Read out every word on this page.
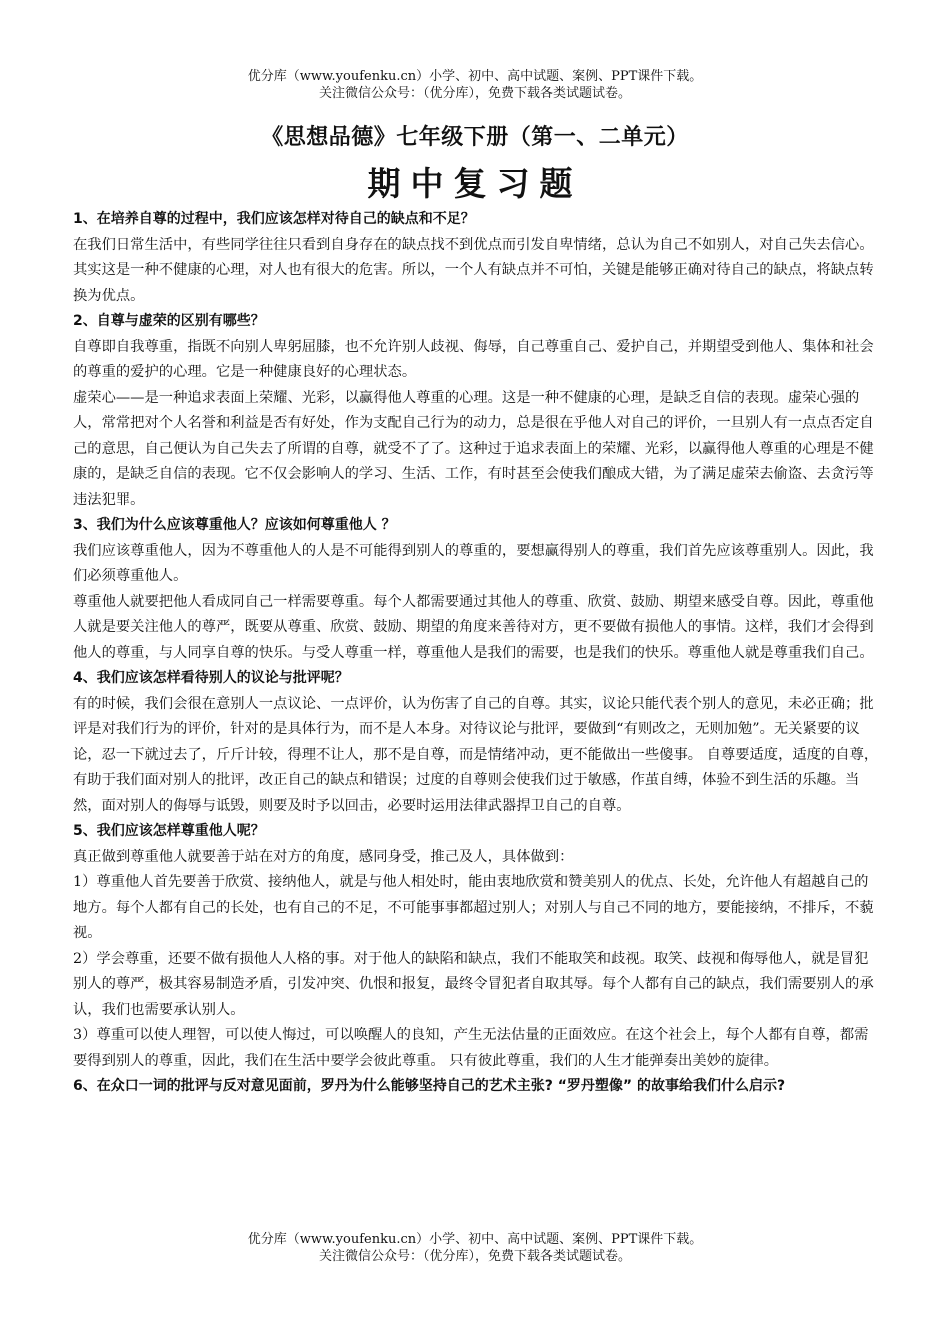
优分库（www.youfenku.cn）小学、初中、高中试题、案例、PPT课件下载。
关注微信公众号：（优分库），免费下载各类试题试卷。
《思想品德》七年级下册（第一、二单元）
期中复习题

1、在培养自尊的过程中，我们应该怎样对待自己的缺点和不足？

在我们日常生活中，有些同学往往只看到自身存在的缺点找不到优点而引发自卑情绪，总认为自己不如别人，对自己失去信心。其实这是一种不健康的心理，对人也有很大的危害。所以，一个人有缺点并不可怕，关键是能够正确对待自己的缺点，将缺点转换为优点。

2、自尊与虚荣的区别有哪些？

自尊即自我尊重，指既不向别人卑躬屈膝，也不允许别人歧视、侮辱，自己尊重自己、爱护自己，并期望受到他人、集体和社会的尊重的爱护的心理。它是一种健康良好的心理状态。

虚荣心——是一种追求表面上荣耀、光彩，以赢得他人尊重的心理。这是一种不健康的心理，是缺乏自信的表现。虚荣心强的人，常常把对个人名誉和利益是否有好处，作为支配自己行为的动力，总是很在乎他人对自己的评价，一旦别人有一点点否定自己的意思，自己便认为自己失去了所谓的自尊，就受不了了。这种过于追求表面上的荣耀、光彩，以赢得他人尊重的心理是不健康的，是缺乏自信的表现。它不仅会影响人的学习、生活、工作，有时甚至会使我们酿成大错，为了满足虚荣去偷盗、去贪污等违法犯罪。

3、我们为什么应该尊重他人？应该如何尊重他人 ？

我们应该尊重他人，因为不尊重他人的人是不可能得到别人的尊重的，要想赢得别人的尊重，我们首先应该尊重别人。因此，我们必须尊重他人。

尊重他人就要把他人看成同自己一样需要尊重。每个人都需要通过其他人的尊重、欣赏、鼓励、期望来感受自尊。因此，尊重他人就是要关注他人的尊严，既要从尊重、欣赏、鼓励、期望的角度来善待对方，更不要做有损他人的事情。这样，我们才会得到他人的尊重，与人同享自尊的快乐。与受人尊重一样，尊重他人是我们的需要，也是我们的快乐。尊重他人就是尊重我们自己。

4、我们应该怎样看待别人的议论与批评呢？

有的时候，我们会很在意别人一点议论、一点评价，认为伤害了自己的自尊。其实，议论只能代表个别人的意见，未必正确；批评是对我们行为的评价，针对的是具体行为，而不是人本身。对待议论与批评，要做到“有则改之，无则加勉”。无关紧要的议论，忍一下就过去了，斤斤计较，得理不让人，那不是自尊，而是情绪冲动，更不能做出一些傻事。 自尊要适度，适度的自尊，有助于我们面对别人的批评，改正自己的缺点和错误；过度的自尊则会使我们过于敏感，作茧自缚，体验不到生活的乐趣。当然，面对别人的侮辱与诋毁，则要及时予以回击，必要时运用法律武器捍卫自己的自尊。

5、我们应该怎样尊重他人呢？

真正做到尊重他人就要善于站在对方的角度，感同身受，推己及人，具体做到：

1）尊重他人首先要善于欣赏、接纳他人，就是与他人相处时，能由衷地欣赏和赞美别人的优点、长处，允许他人有超越自己的地方。每个人都有自己的长处，也有自己的不足，不可能事事都超过别人；对别人与自己不同的地方，要能接纳，不排斥，不藐视。

2）学会尊重，还要不做有损他人人格的事。对于他人的缺陷和缺点，我们不能取笑和歧视。取笑、歧视和侮辱他人，就是冒犯别人的尊严，极其容易制造矛盾，引发冲突、仇恨和报复，最终令冒犯者自取其辱。每个人都有自己的缺点，我们需要别人的承认，我们也需要承认别人。

3）尊重可以使人理智，可以使人悔过，可以唤醒人的良知，产生无法估量的正面效应。在这个社会上，每个人都有自尊，都需要得到别人的尊重，因此，我们在生活中要学会彼此尊重。 只有彼此尊重，我们的人生才能弹奏出美妙的旋律。

6、在众口一词的批评与反对意见面前，罗丹为什么能够坚持自己的艺术主张? “罗丹塑像” 的故事给我们什么启示?

优分库（www.youfenku.cn）小学、初中、高中试题、案例、PPT课件下载。
关注微信公众号：（优分库），免费下载各类试题试卷。
